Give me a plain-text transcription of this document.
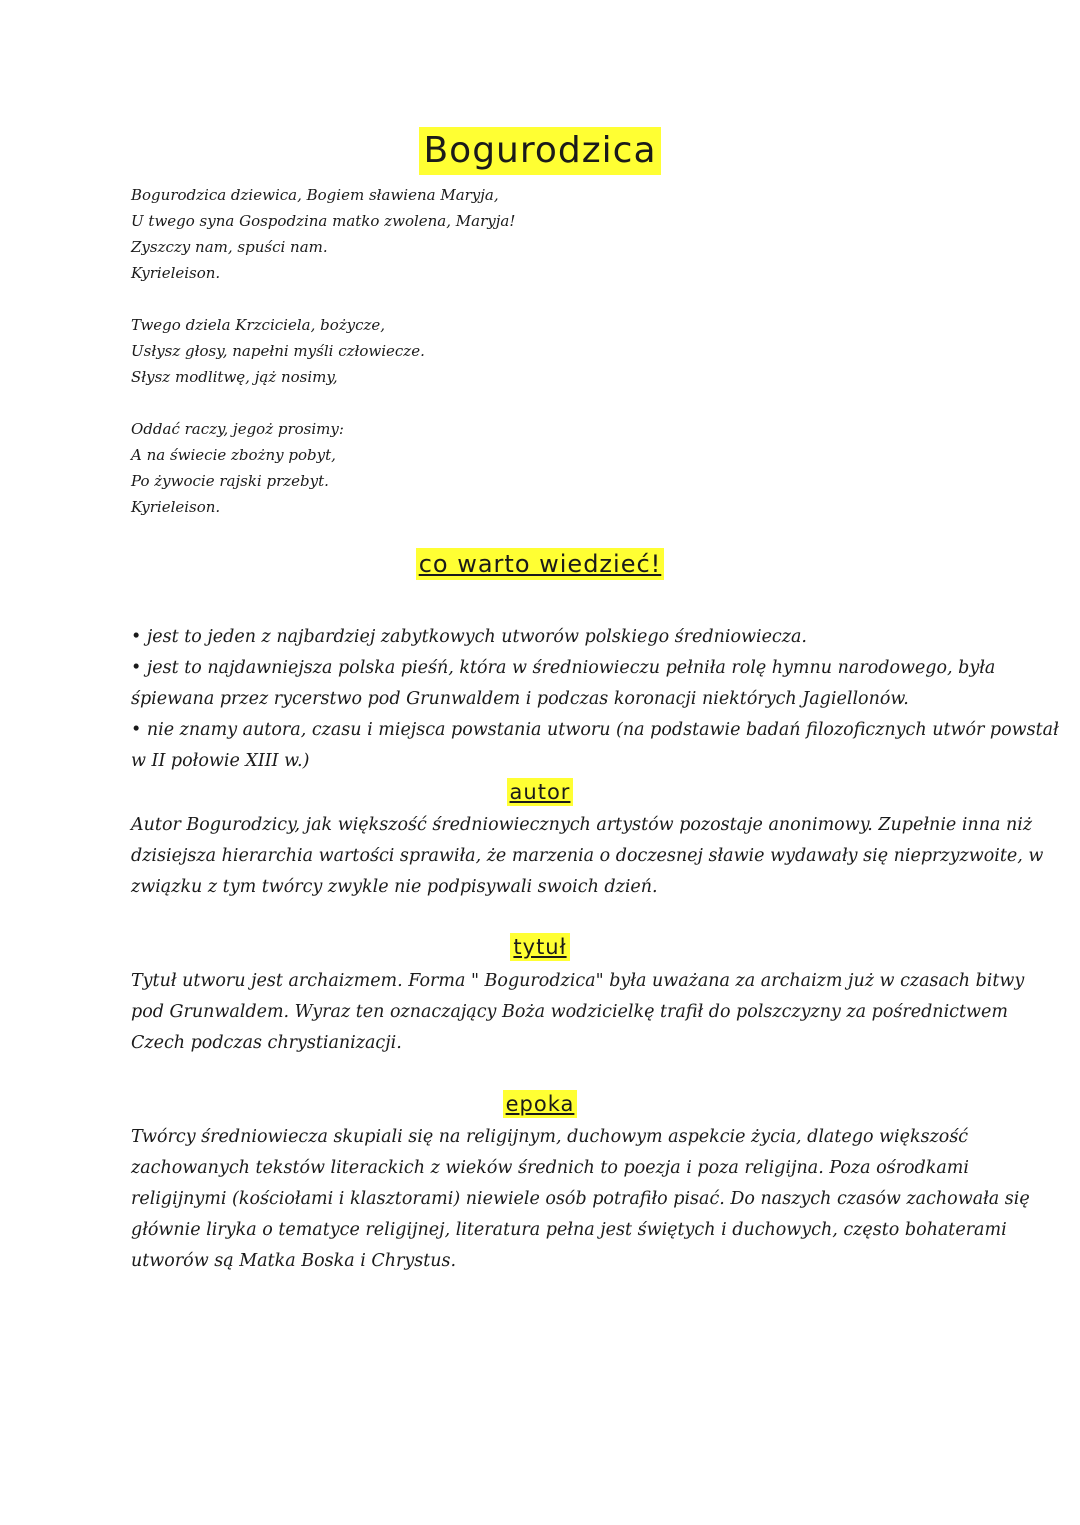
Bogurodzica
Bogurodzica dziewica, Bogiem sławiena Maryja,
U twego syna Gospodzina matko zwolena, Maryja!
Zyszczy nam, spuści nam.
Kyrieleison.
Twego dziela Krzciciela, bożycze,
Usłysz głosy, napełni myśli człowiecze.
Słysz modlitwę, jąż nosimy,
Oddać raczy, jegoż prosimy:
A na świecie zbożny pobyt,
Po żywocie rajski przebyt.
Kyrieleison.
co warto wiedzieć!
• jest to jeden z najbardziej zabytkowych utworów polskiego średniowiecza.
• jest to najdawniejsza polska pieśń, która w średniowieczu pełniła rolę hymnu narodowego, była
śpiewana przez rycerstwo pod Grunwaldem i podczas koronacji niektórych Jagiellonów.
• nie znamy autora, czasu i miejsca powstania utworu (na podstawie badań filozoficznych utwór powstał
w II połowie XIII w.)
autor
Autor Bogurodzicy, jak większość średniowiecznych artystów pozostaje anonimowy. Zupełnie inna niż
dzisiejsza hierarchia wartości sprawiła, że marzenia o doczesnej sławie wydawały się nieprzyzwoite, w
związku z tym twórcy zwykle nie podpisywali swoich dzień.
tytuł
Tytuł utworu jest archaizmem. Forma " Bogurodzica" była uważana za archaizm już w czasach bitwy
pod Grunwaldem. Wyraz ten oznaczający Boża wodzicielkę trafił do polszczyzny za pośrednictwem
Czech podczas chrystianizacji.
epoka
Twórcy średniowiecza skupiali się na religijnym, duchowym aspekcie życia, dlatego większość
zachowanych tekstów literackich z wieków średnich to poezja i poza religijna. Poza ośrodkami
religijnymi (kościołami i klasztorami) niewiele osób potrafiło pisać. Do naszych czasów zachowała się
głównie liryka o tematyce religijnej, literatura pełna jest świętych i duchowych, często bohaterami
utworów są Matka Boska i Chrystus.
